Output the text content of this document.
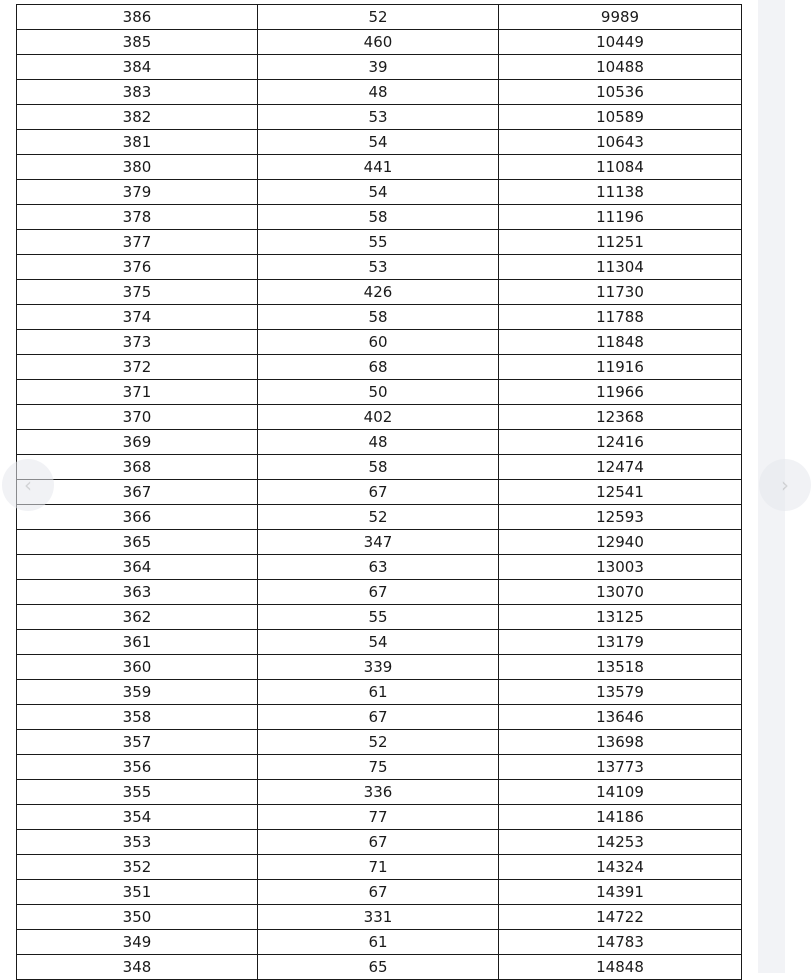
386	52	9989
385	460	10449
384	39	10488
383	48	10536
382	53	10589
381	54	10643
380	441	11084
379	54	11138
378	58	11196
377	55	11251
376	53	11304
375	426	11730
374	58	11788
373	60	11848
372	68	11916
371	50	11966
370	402	12368
369	48	12416
368	58	12474
367	67	12541
366	52	12593
365	347	12940
364	63	13003
363	67	13070
362	55	13125
361	54	13179
360	339	13518
359	61	13579
358	67	13646
357	52	13698
356	75	13773
355	336	14109
354	77	14186
353	67	14253
352	71	14324
351	67	14391
350	331	14722
349	61	14783
348	65	14848
‹	›
